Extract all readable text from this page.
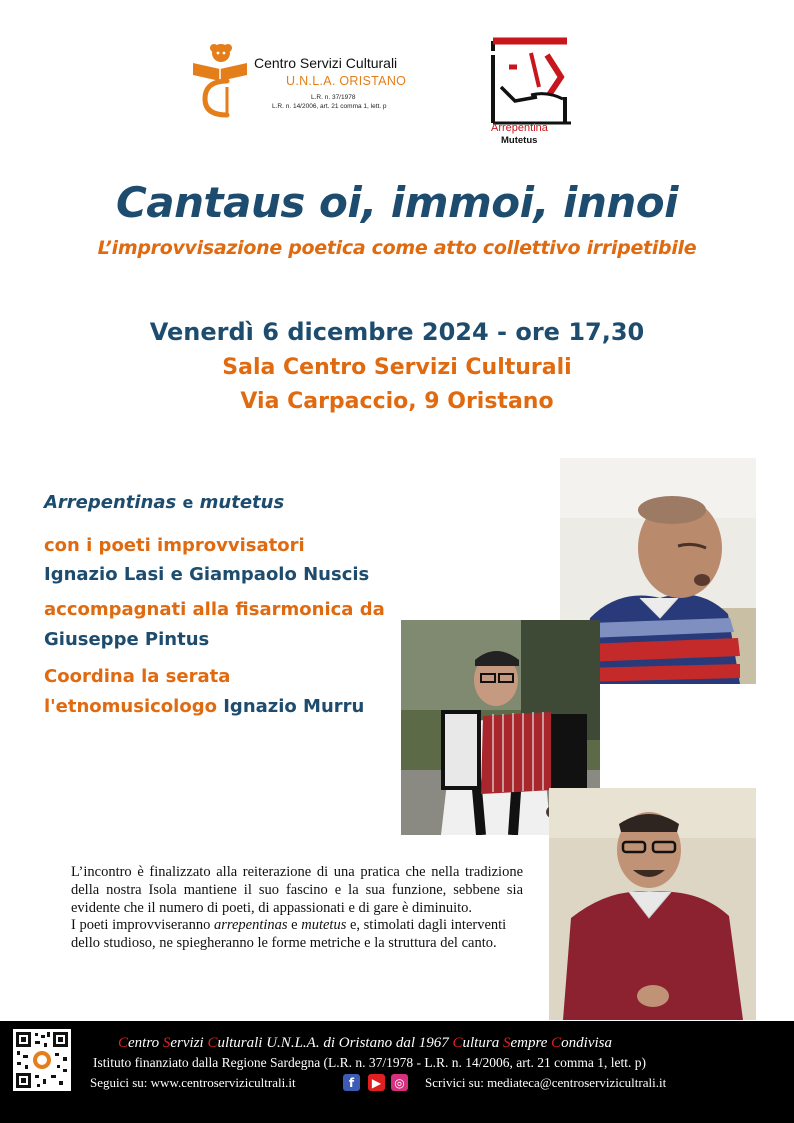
Centro Servizi Culturali
U.N.L.A. ORISTANO
L.R. n. 37/1978
L.R. n. 14/2006, art. 21 comma 1, lett. p
Arrepentina
Mutetus
Cantaus oi, immoi, innoi
L’improvvisazione poetica come atto collettivo irripetibile
Venerdì 6 dicembre 2024 - ore 17,30
Sala Centro Servizi Culturali
Via Carpaccio, 9 Oristano
Arrepentinas e mutetus
con i poeti improvvisatori
Ignazio Lasi e Giampaolo Nuscis
accompagnati alla fisarmonica da
Giuseppe Pintus
Coordina la serata
l'etnomusicologo Ignazio Murru

L’incontro è finalizzato alla reiterazione di una pratica che nella tradizione della nostra Isola mantiene il suo fascino e la sua funzione, sebbene sia evidente che il numero di poeti, di appassionati e di gare è diminuito.

I poeti improvviseranno arrepentinas e mutetus e, stimolati dagli interventi dello studioso, ne spiegheranno le forme metriche e la struttura del canto.

Centro Servizi Culturali U.N.L.A. di Oristano dal 1967 Cultura Sempre Condivisa
Istituto finanziato dalla Regione Sardegna (L.R. n. 37/1978 - L.R. n. 14/2006, art. 21 comma 1, lett. p)
Seguici su: www.centroservizicultrali.it	f	▶	◎ Scrivici su: mediateca@centroservizicultrali.it
